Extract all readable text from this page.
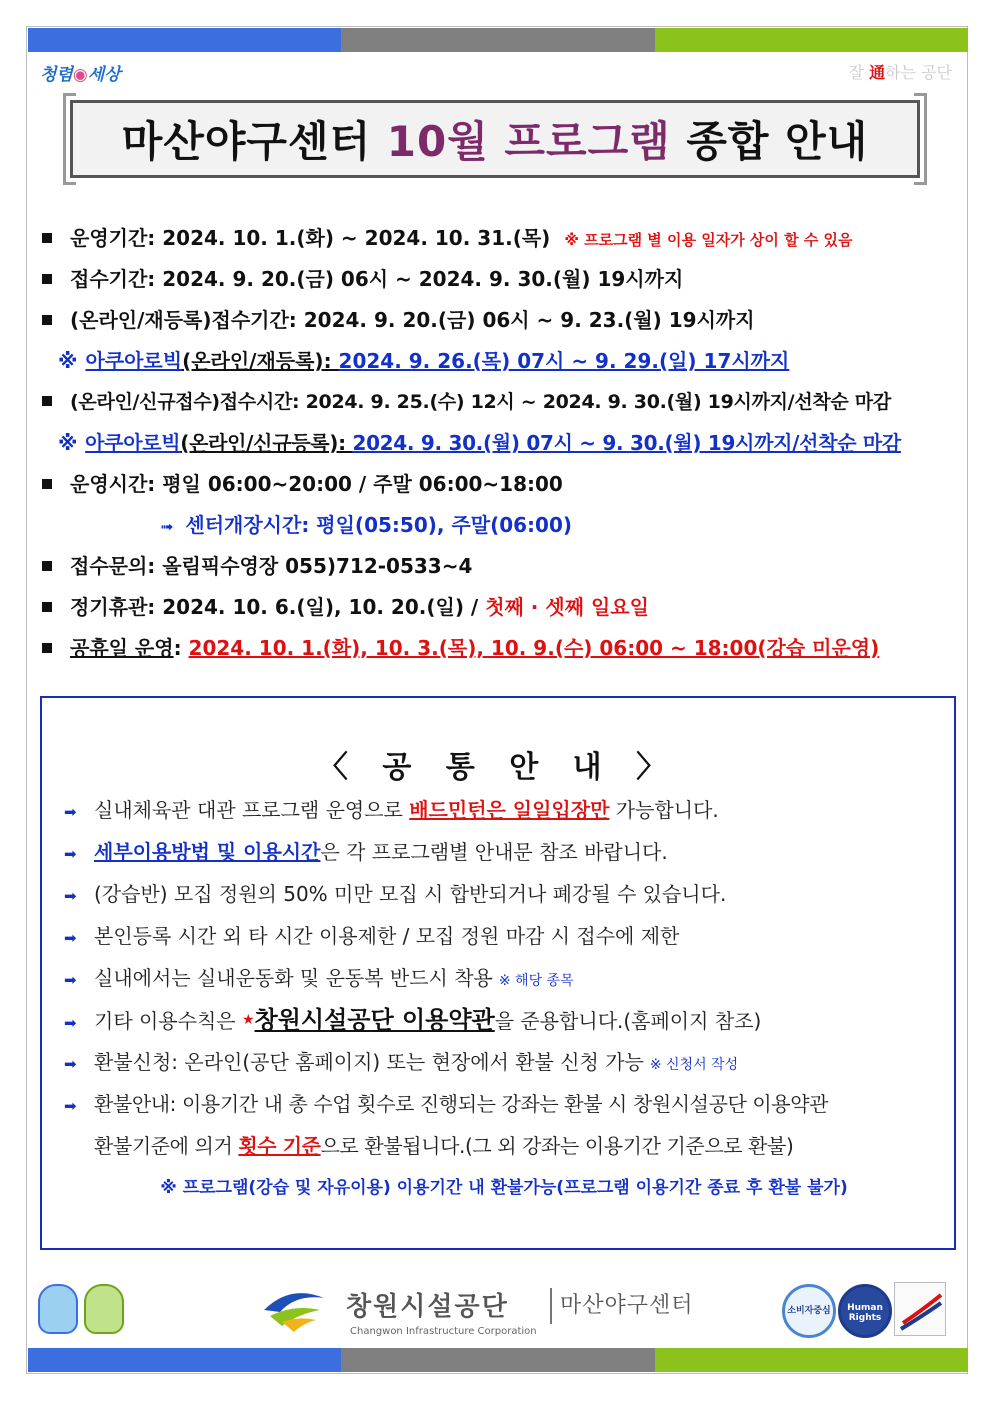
청렴◉세상	잘 通하는 공단
마산야구센터 10월 프로그램 종합 안내
운영기간: 2024. 10. 1.(화) ~ 2024. 10. 31.(목) ※ 프로그램 별 이용 일자가 상이 할 수 있음
접수기간: 2024. 9. 20.(금) 06시 ~ 2024. 9. 30.(월) 19시까지
(온라인/재등록)접수기간: 2024. 9. 20.(금) 06시 ~ 9. 23.(월) 19시까지
※ 아쿠아로빅(온라인/재등록): 2024. 9. 26.(목) 07시 ~ 9. 29.(일) 17시까지
(온라인/신규접수)접수시간: 2024. 9. 25.(수) 12시 ~ 2024. 9. 30.(월) 19시까지/선착순 마감
※ 아쿠아로빅(온라인/신규등록): 2024. 9. 30.(월) 07시 ~ 9. 30.(월) 19시까지/선착순 마감
운영시간: 평일 06:00~20:00 / 주말 06:00~18:00
➟ 센터개장시간: 평일(05:50), 주말(06:00)
접수문의: 올림픽수영장 055)712-0533~4
정기휴관: 2024. 10. 6.(일), 10. 20.(일) / 첫째 · 셋째 일요일
공휴일 운영: 2024. 10. 1.(화), 10. 3.(목), 10. 9.(수) 06:00 ~ 18:00(강습 미운영)
〈 공 통 안 내 〉
➡ 실내체육관 대관 프로그램 운영으로 배드민턴은 일일입장만 가능합니다.
➡ 세부이용방법 및 이용시간은 각 프로그램별 안내문 참조 바랍니다.
➡ (강습반) 모집 정원의 50% 미만 모집 시 합반되거나 폐강될 수 있습니다.
➡ 본인등록 시간 외 타 시간 이용제한 / 모집 정원 마감 시 접수에 제한
➡ 실내에서는 실내운동화 및 운동복 반드시 착용 ※ 해당 종목
➡ 기타 이용수칙은 ★창원시설공단 이용약관을 준용합니다.(홈페이지 참조)
➡ 환불신청: 온라인(공단 홈페이지) 또는 현장에서 환불 신청 가능 ※ 신청서 작성
➡ 환불안내: 이용기간 내 총 수업 횟수로 진행되는 강좌는 환불 시 창원시설공단 이용약관
환불기준에 의거 횟수 기준으로 환불됩니다.(그 외 강좌는 이용기간 기준으로 환불)
※ 프로그램(강습 및 자유이용) 이용기간 내 환불가능(프로그램 이용기간 종료 후 환불 불가)
창원시설공단
Changwon Infrastructure Corporation
마산야구센터	소비자중심	Human Rights
